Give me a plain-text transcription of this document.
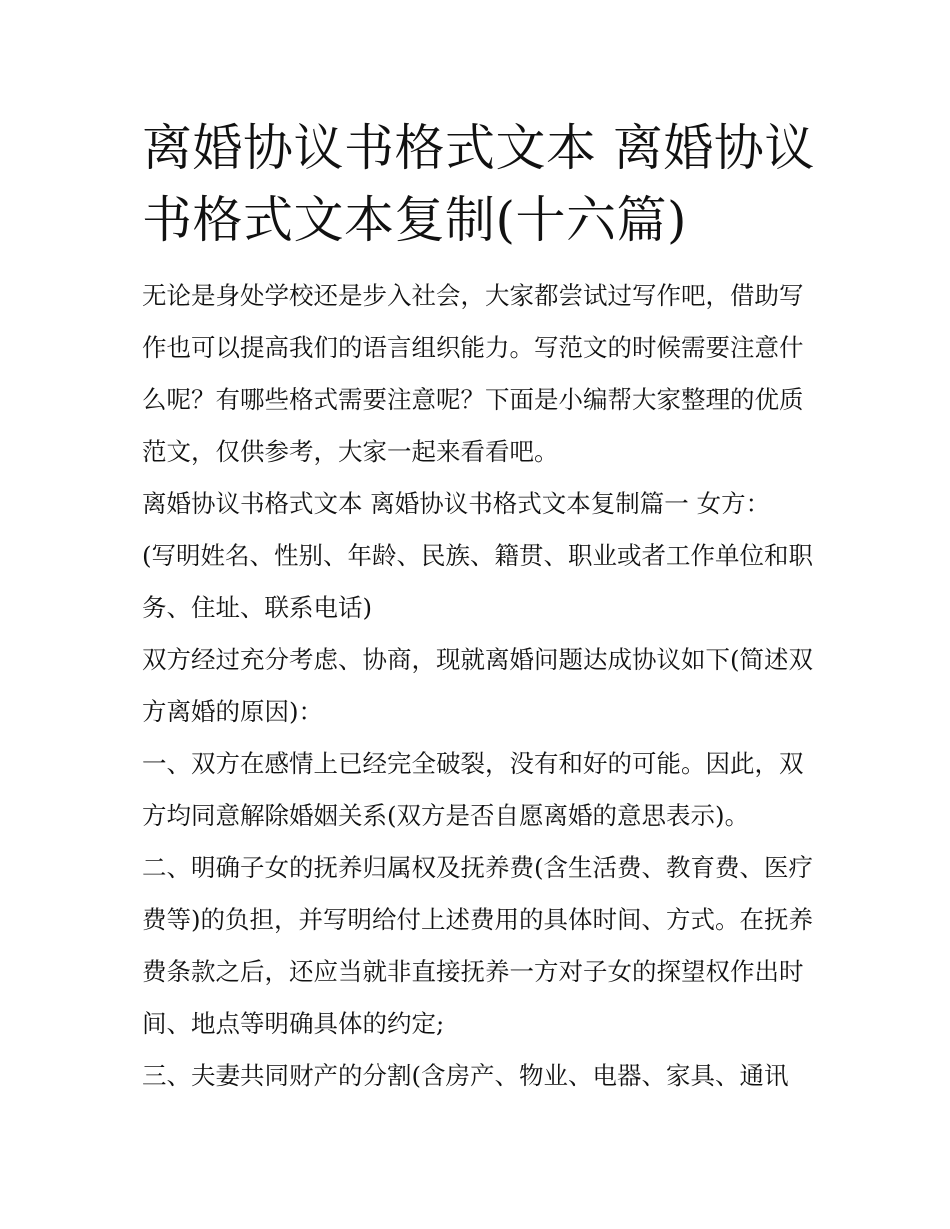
离婚协议书格式文本 离婚协议书格式文本复制(十六篇)

无论是身处学校还是步入社会，大家都尝试过写作吧，借助写作也可以提高我们的语言组织能力。写范文的时候需要注意什么呢？有哪些格式需要注意呢？下面是小编帮大家整理的优质范文，仅供参考，大家一起来看看吧。

离婚协议书格式文本 离婚协议书格式文本复制篇一 女方：

(写明姓名、性别、年龄、民族、籍贯、职业或者工作单位和职务、住址、联系电话)

双方经过充分考虑、协商，现就离婚问题达成协议如下(简述双方离婚的原因)：

一、双方在感情上已经完全破裂，没有和好的可能。因此，双方均同意解除婚姻关系(双方是否自愿离婚的意思表示)。

二、明确子女的抚养归属权及抚养费(含生活费、教育费、医疗费等)的负担，并写明给付上述费用的具体时间、方式。在抚养费条款之后，还应当就非直接抚养一方对子女的探望权作出时间、地点等明确具体的约定;

三、夫妻共同财产的分割(含房产、物业、电器、家具、通讯
